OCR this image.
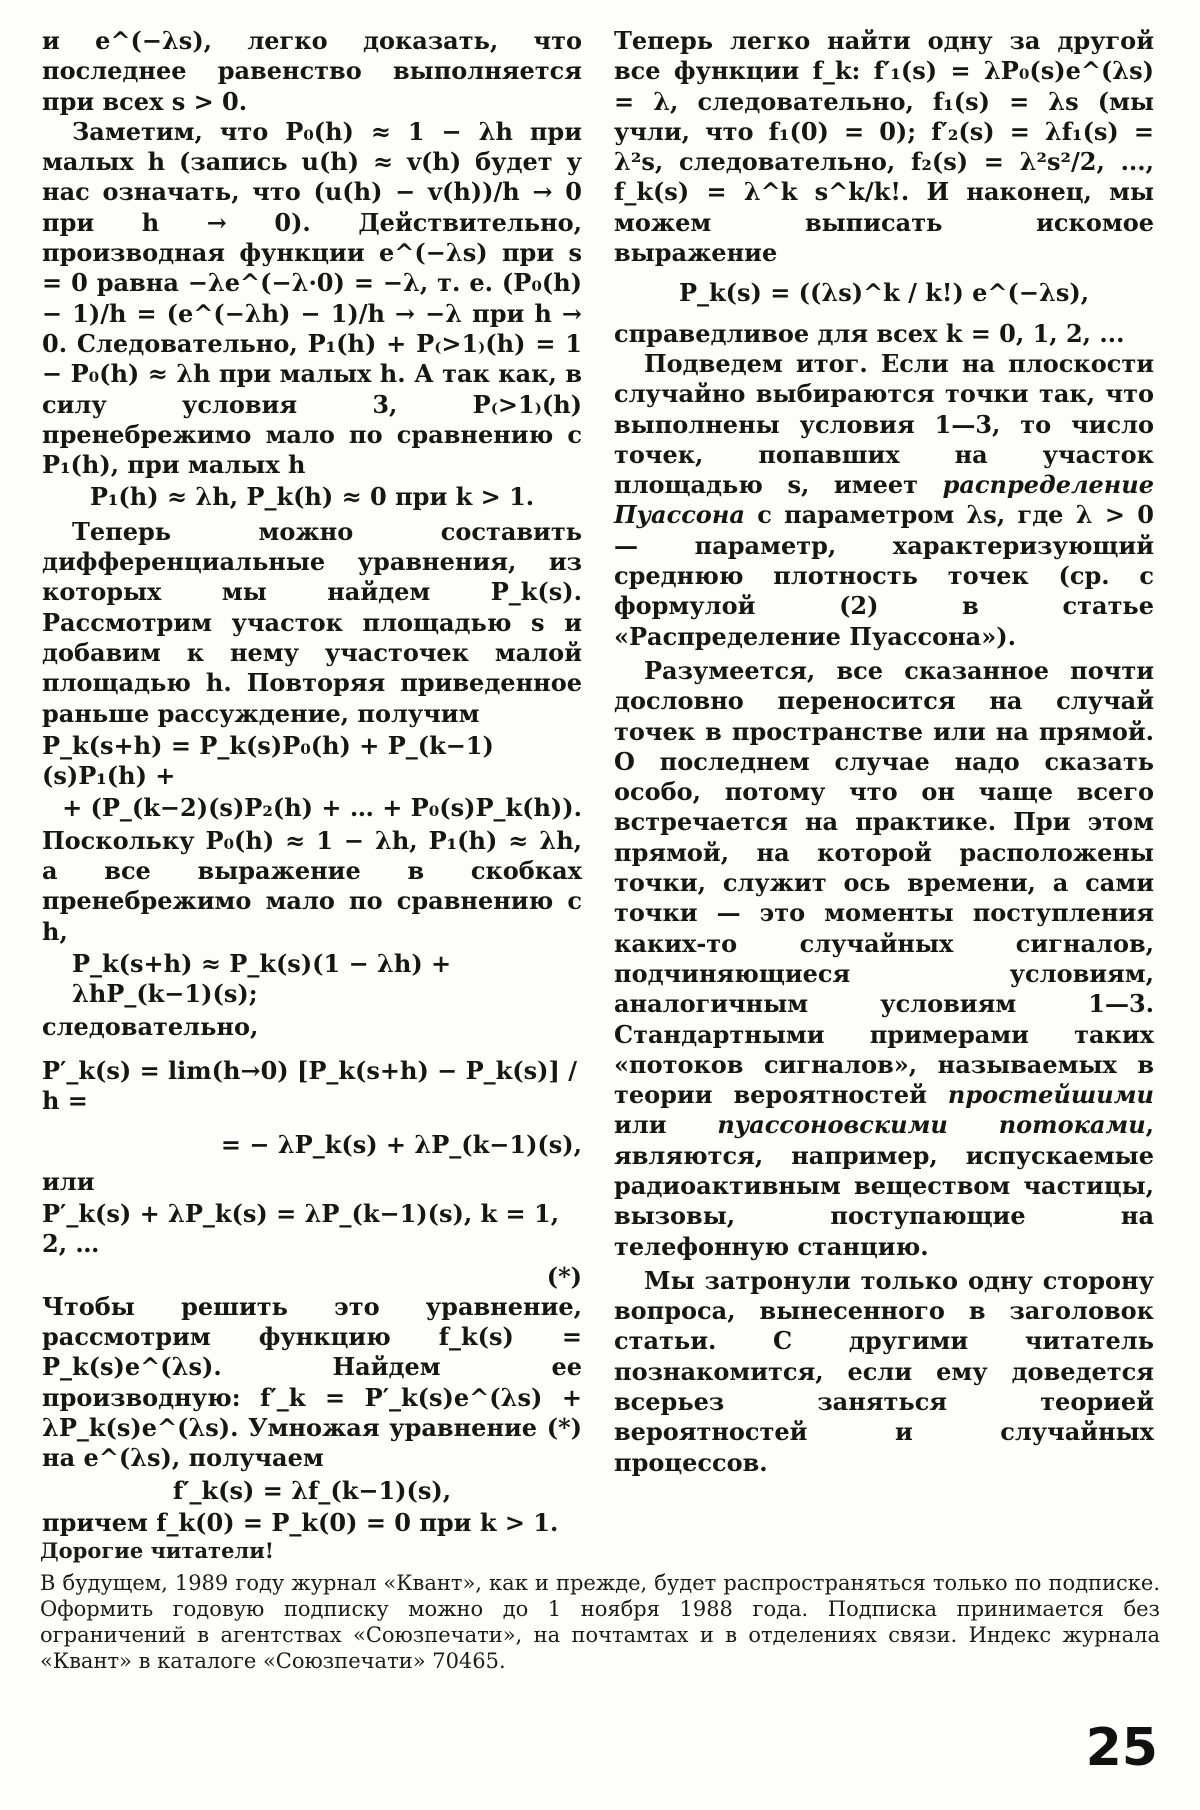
и e^(−λs), легко доказать, что последнее равенство выполняется при всех s > 0.

Заметим, что P₀(h) ≈ 1 − λh при малых h (запись u(h) ≈ v(h) будет у нас означать, что (u(h) − v(h))/h → 0 при h → 0). Действительно, производная функции e^(−λs) при s = 0 равна −λe^(−λ·0) = −λ, т. е. (P₀(h) − 1)/h = (e^(−λh) − 1)/h → −λ при h → 0. Следовательно, P₁(h) + P₍>1₎(h) = 1 − P₀(h) ≈ λh при малых h. А так как, в силу условия 3, P₍>1₎(h) пренебрежимо мало по сравнению с P₁(h), при малых h

P₁(h) ≈ λh, P_k(h) ≈ 0 при k > 1.

Теперь можно составить дифференциальные уравнения, из которых мы найдем P_k(s). Рассмотрим участок площадью s и добавим к нему участочек малой площадью h. Повторяя приведенное раньше рассуждение, получим

P_k(s+h) = P_k(s)P₀(h) + P_(k−1)(s)P₁(h) +
+ (P_(k−2)(s)P₂(h) + … + P₀(s)P_k(h)).

Поскольку P₀(h) ≈ 1 − λh, P₁(h) ≈ λh, а все выражение в скобках пренебрежимо мало по сравнению с h,

P_k(s+h) ≈ P_k(s)(1 − λh) + λhP_(k−1)(s);

следовательно,

P′_k(s) = lim(h→0) [P_k(s+h) − P_k(s)] / h =
= − λP_k(s) + λP_(k−1)(s),

или

P′_k(s) + λP_k(s) = λP_(k−1)(s), k = 1, 2, …
(*)

Чтобы решить это уравнение, рассмотрим функцию f_k(s) = P_k(s)e^(λs). Найдем ее производную: f′_k = P′_k(s)e^(λs) + λP_k(s)e^(λs). Умножая уравнение (*) на e^(λs), получаем

f′_k(s) = λf_(k−1)(s),

причем f_k(0) = P_k(0) = 0 при k > 1.

Теперь легко найти одну за другой все функции f_k: f′₁(s) = λP₀(s)e^(λs) = λ, следовательно, f₁(s) = λs (мы учли, что f₁(0) = 0); f′₂(s) = λf₁(s) = λ²s, следовательно, f₂(s) = λ²s²/2, ..., f_k(s) = λ^k s^k/k!. И наконец, мы можем выписать искомое выражение

P_k(s) = ((λs)^k / k!) e^(−λs),

справедливое для всех k = 0, 1, 2, ...

Подведем итог. Если на плоскости случайно выбираются точки так, что выполнены условия 1—3, то число точек, попавших на участок площадью s, имеет распределение Пуассона с параметром λs, где λ > 0 — параметр, характеризующий среднюю плотность точек (ср. с формулой (2) в статье «Распределение Пуассона»).

Разумеется, все сказанное почти дословно переносится на случай точек в пространстве или на прямой. О последнем случае надо сказать особо, потому что он чаще всего встречается на практике. При этом прямой, на которой расположены точки, служит ось времени, а сами точки — это моменты поступления каких-то случайных сигналов, подчиняющиеся условиям, аналогичным условиям 1—3. Стандартными примерами таких «потоков сигналов», называемых в теории вероятностей простейшими или пуассоновскими потоками, являются, например, испускаемые радиоактивным веществом частицы, вызовы, поступающие на телефонную станцию.

Мы затронули только одну сторону вопроса, вынесенного в заголовок статьи. С другими читатель познакомится, если ему доведется всерьез заняться теорией вероятностей и случайных процессов.

Дорогие читатели!
В будущем, 1989 году журнал «Квант», как и прежде, будет распространяться только по подписке. Оформить годовую подписку можно до 1 ноября 1988 года. Подписка принимается без ограничений в агентствах «Союзпечати», на почтамтах и в отделениях связи. Индекс журнала «Квант» в каталоге «Союзпечати» 70465.
25
